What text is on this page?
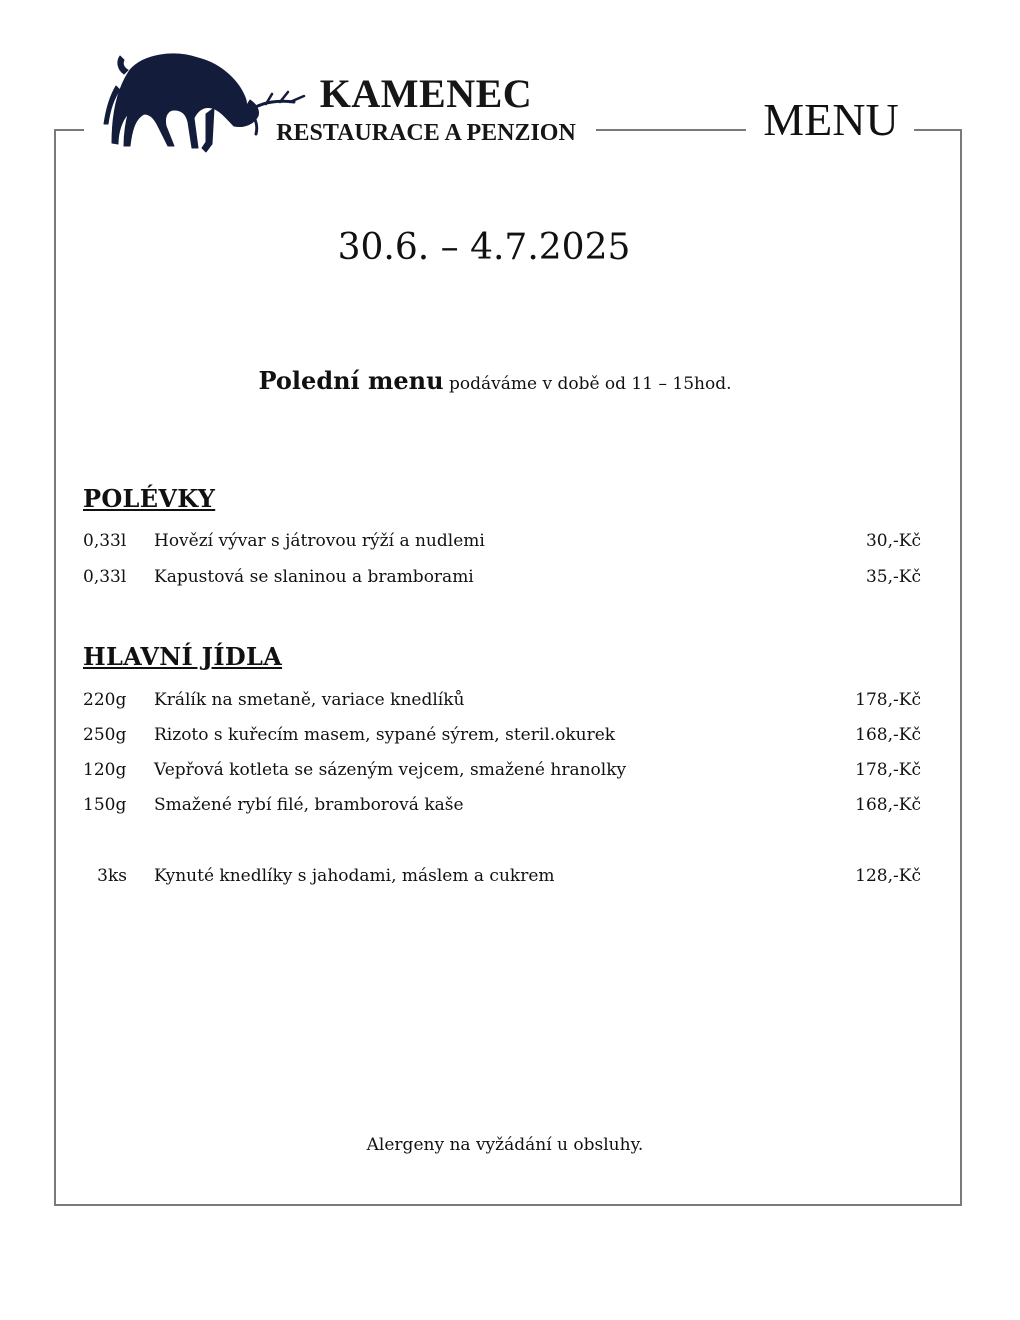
KAMENEC
RESTAURACE A PENZION	MENU
30.6. – 4.7.2025
Polední menu podáváme v době od 11 – 15hod.
POLÉVKY
0,33l Hovězí vývar s játrovou rýží a nudlemi	30,-Kč
0,33l Kapustová se slaninou a bramborami	35,-Kč
HLAVNÍ JÍDLA
220g Králík na smetaně, variace knedlíků	178,-Kč
250g Rizoto s kuřecím masem, sypané sýrem, steril.okurek	168,-Kč
120g Vepřová kotleta se sázeným vejcem, smažené hranolky	178,-Kč
150g Smažené rybí filé, bramborová kaše	168,-Kč
3ks Kynuté knedlíky s jahodami, máslem a cukrem	128,-Kč
Alergeny na vyžádání u obsluhy.
